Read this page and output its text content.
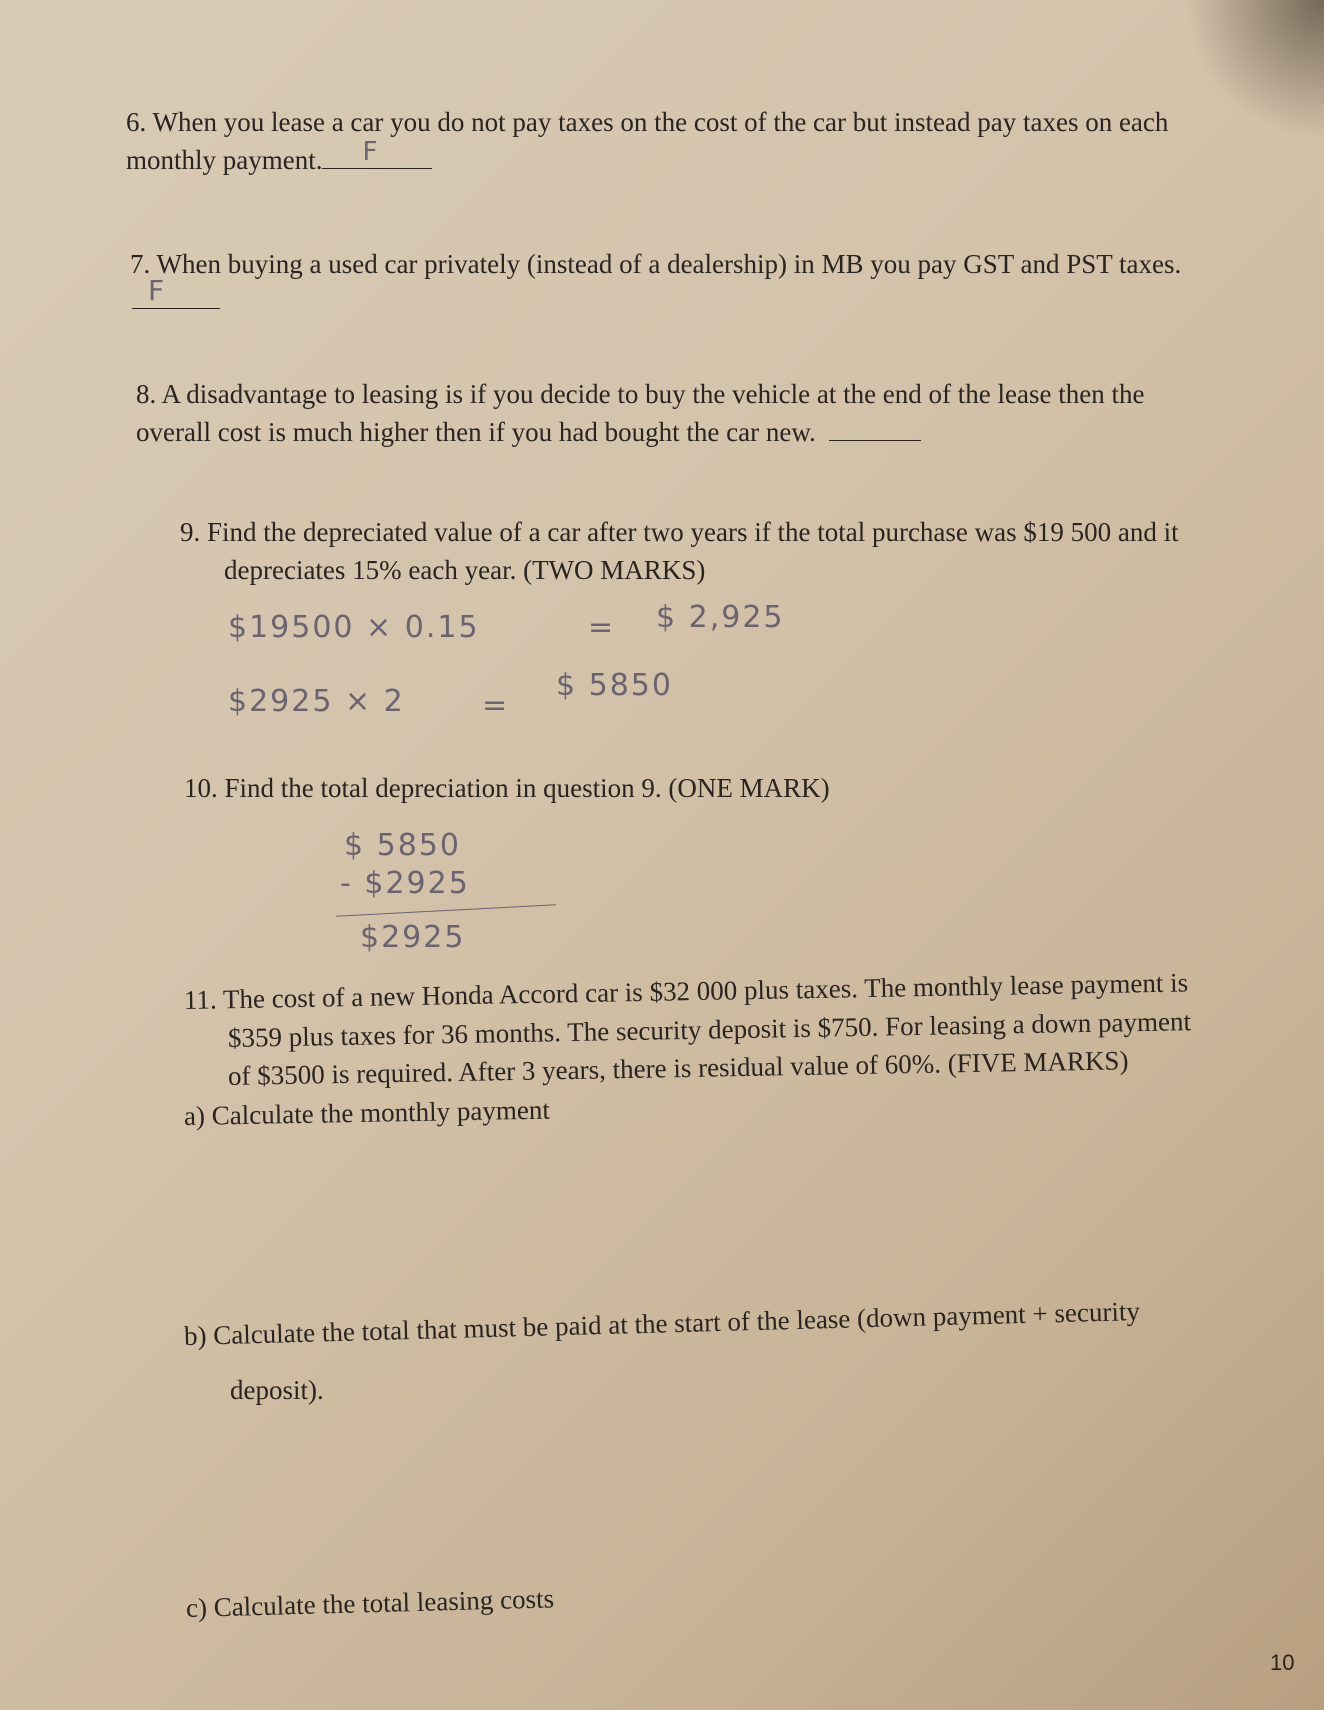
6. When you lease a car you do not pay taxes on the cost of the car but instead pay taxes on each
monthly payment. F
7. When buying a used car privately (instead of a dealership) in MB you pay GST and PST taxes.
F
8. A disadvantage to leasing is if you decide to buy the vehicle at the end of the lease then the
overall cost is much higher then if you had bought the car new.
9. Find the depreciated value of a car after two years if the total purchase was $19 500 and it
depreciates 15% each year. (TWO MARKS)
$19500 × 0.15	= $ 2,925
$2925 × 2	=
$ 5850
10. Find the total depreciation in question 9. (ONE MARK)
$ 5850
- $2925
$2925
11. The cost of a new Honda Accord car is $32 000 plus taxes. The monthly lease payment is
$359 plus taxes for 36 months. The security deposit is $750. For leasing a down payment
of $3500 is required. After 3 years, there is residual value of 60%. (FIVE MARKS)
a) Calculate the monthly payment
b) Calculate the total that must be paid at the start of the lease (down payment + security
deposit).
c) Calculate the total leasing costs
10
